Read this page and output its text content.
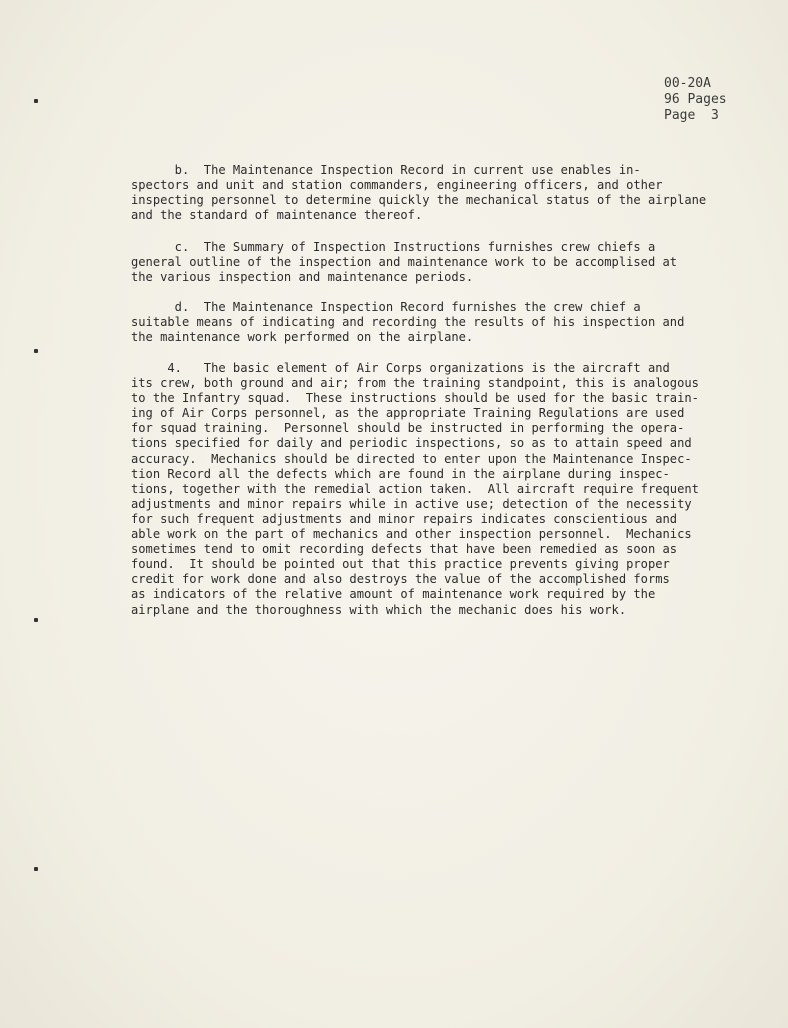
00-20A
96 Pages
Page  3
b.  The Maintenance Inspection Record in current use enables in-
spectors and unit and station commanders, engineering officers, and other
inspecting personnel to determine quickly the mechanical status of the airplane
and the standard of maintenance thereof.
c.  The Summary of Inspection Instructions furnishes crew chiefs a
general outline of the inspection and maintenance work to be accomplised at
the various inspection and maintenance periods.
d.  The Maintenance Inspection Record furnishes the crew chief a
suitable means of indicating and recording the results of his inspection and
the maintenance work performed on the airplane.
4.   The basic element of Air Corps organizations is the aircraft and
its crew, both ground and air; from the training standpoint, this is analogous
to the Infantry squad.  These instructions should be used for the basic train-
ing of Air Corps personnel, as the appropriate Training Regulations are used
for squad training.  Personnel should be instructed in performing the opera-
tions specified for daily and periodic inspections, so as to attain speed and
accuracy.  Mechanics should be directed to enter upon the Maintenance Inspec-
tion Record all the defects which are found in the airplane during inspec-
tions, together with the remedial action taken.  All aircraft require frequent
adjustments and minor repairs while in active use; detection of the necessity
for such frequent adjustments and minor repairs indicates conscientious and
able work on the part of mechanics and other inspection personnel.  Mechanics
sometimes tend to omit recording defects that have been remedied as soon as
found.  It should be pointed out that this practice prevents giving proper
credit for work done and also destroys the value of the accomplished forms
as indicators of the relative amount of maintenance work required by the
airplane and the thoroughness with which the mechanic does his work.
